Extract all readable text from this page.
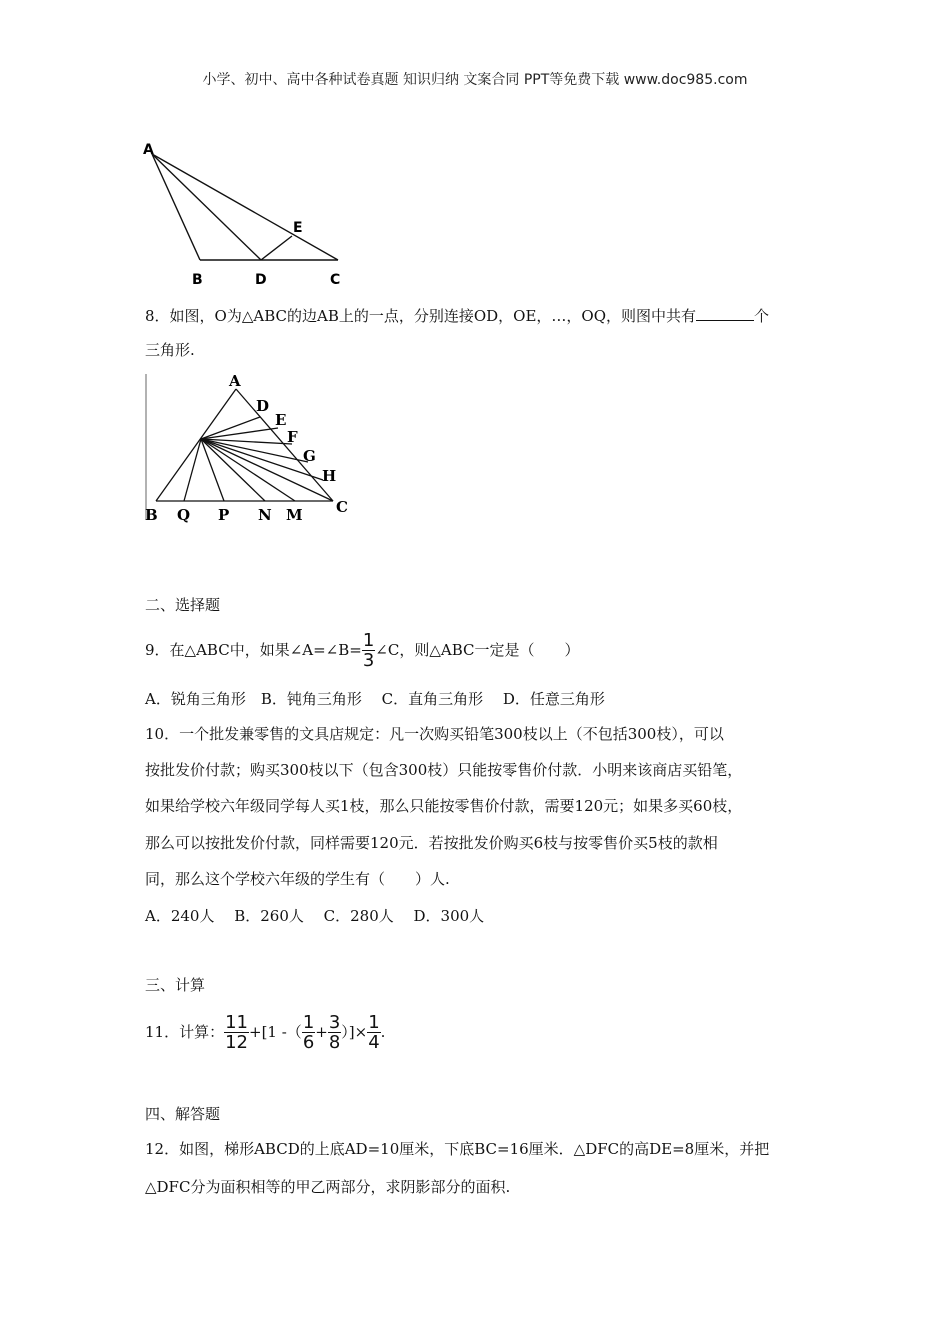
小学、初中、高中各种试卷真题 知识归纳 文案合同 PPT等免费下载 www.doc985.com
A
B	D	C
E
8．如图，O为△ABC的边AB上的一点，分别连接OD，OE，…，OQ，则图中共有	个
三角形.
A
D
E
F
G
H
C
B Q P N M
二、选择题
9．在△ABC中，如果∠A=∠B= $\frac{1}{3}$ ∠C，则△ABC一定是（　　）
A．锐角三角形　B．钝角三角形　 C．直角三角形　 D．任意三角形
10．一个批发兼零售的文具店规定：凡一次购买铅笔300枝以上（不包括300枝），可以
按批发价付款；购买300枝以下（包含300枝）只能按零售价付款．小明来该商店买铅笔，
如果给学校六年级同学每人买1枝，那么只能按零售价付款，需要120元；如果多买60枝，
那么可以按批发价付款，同样需要120元．若按批发价购买6枝与按零售价买5枝的款相
同，那么这个学校六年级的学生有（　　）人.
A．240人　 B．260人　 C．280人　 D．300人
三、计算
11．计算： $\frac{11}{12} +[1$ -（ $\frac{1}{6} + \frac{3}{8}$ ）]× $\frac{1}{4}$ .
四、解答题
12．如图，梯形ABCD的上底AD=10厘米，下底BC=16厘米．△DFC的高DE=8厘米，并把
△DFC分为面积相等的甲乙两部分，求阴影部分的面积.
